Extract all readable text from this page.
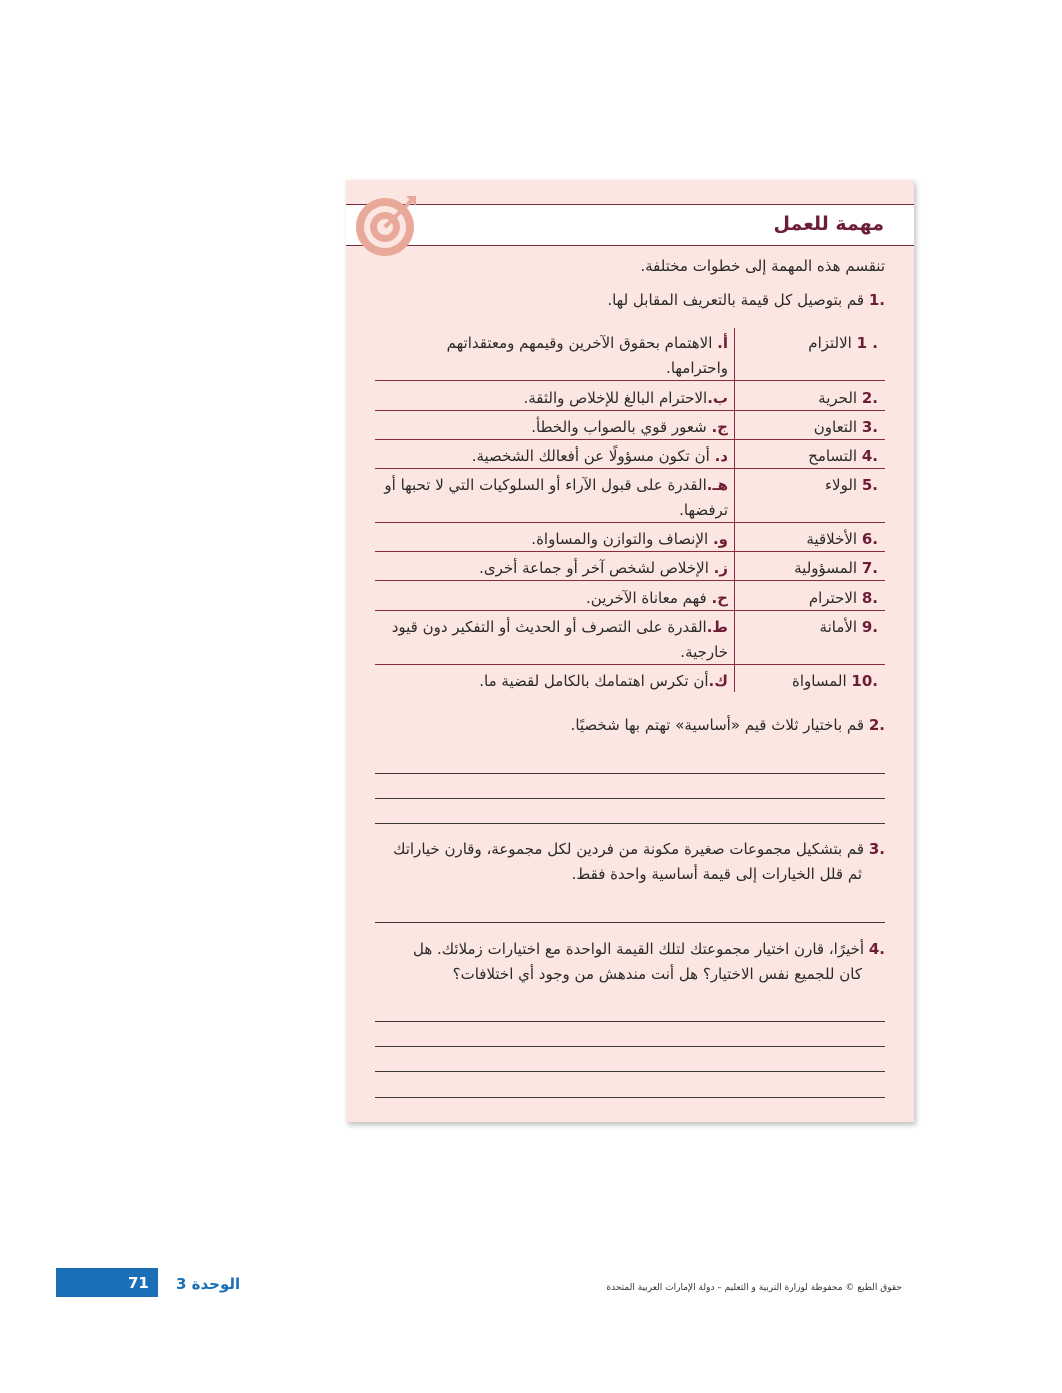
مهمة للعمل
تنقسم هذه المهمة إلى خطوات مختلفة.
.1 قم بتوصيل كل قيمة بالتعريف المقابل لها.
. 1 الالتزام
.2 الحرية
.3 التعاون
.4 التسامح
.5 الولاء
.6 الأخلاقية
.7 المسؤولية
.8 الاحترام
.9 الأمانة
.10 المساواة
أ. الاهتمام بحقوق الآخرين وقيمهم ومعتقداتهم واحترامها.
ب.الاحترام البالغ للإخلاص والثقة.
ج. شعور قوي بالصواب والخطأ.
د. أن تكون مسؤولًا عن أفعالك الشخصية.
هـ.القدرة على قبول الآراء أو السلوكيات التي لا تحبها أو ترفضها.
و. الإنصاف والتوازن والمساواة.
ز. الإخلاص لشخص آخر أو جماعة أخرى.
ح. فهم معاناة الآخرين.
ط.القدرة على التصرف أو الحديث أو التفكير دون قيود خارجية.
ك.أن تكرس اهتمامك بالكامل لقضية ما.
.2 قم باختيار ثلاث قيم «أساسية» تهتم بها شخصيًا.
.3 قم بتشكيل مجموعات صغيرة مكونة من فردين لكل مجموعة، وقارن خياراتك
ثم قلل الخيارات إلى قيمة أساسية واحدة فقط.
.4 أخيرًا، قارن اختيار مجموعتك لتلك القيمة الواحدة مع اختيارات زملائك. هل
كان للجميع نفس الاختيار؟ هل أنت مندهش من وجود أي اختلافات؟
71 الوحدة 3	حقوق الطبع © محفوظة لوزارة التربية و التعليم – دولة الإمارات العربية المتحدة
